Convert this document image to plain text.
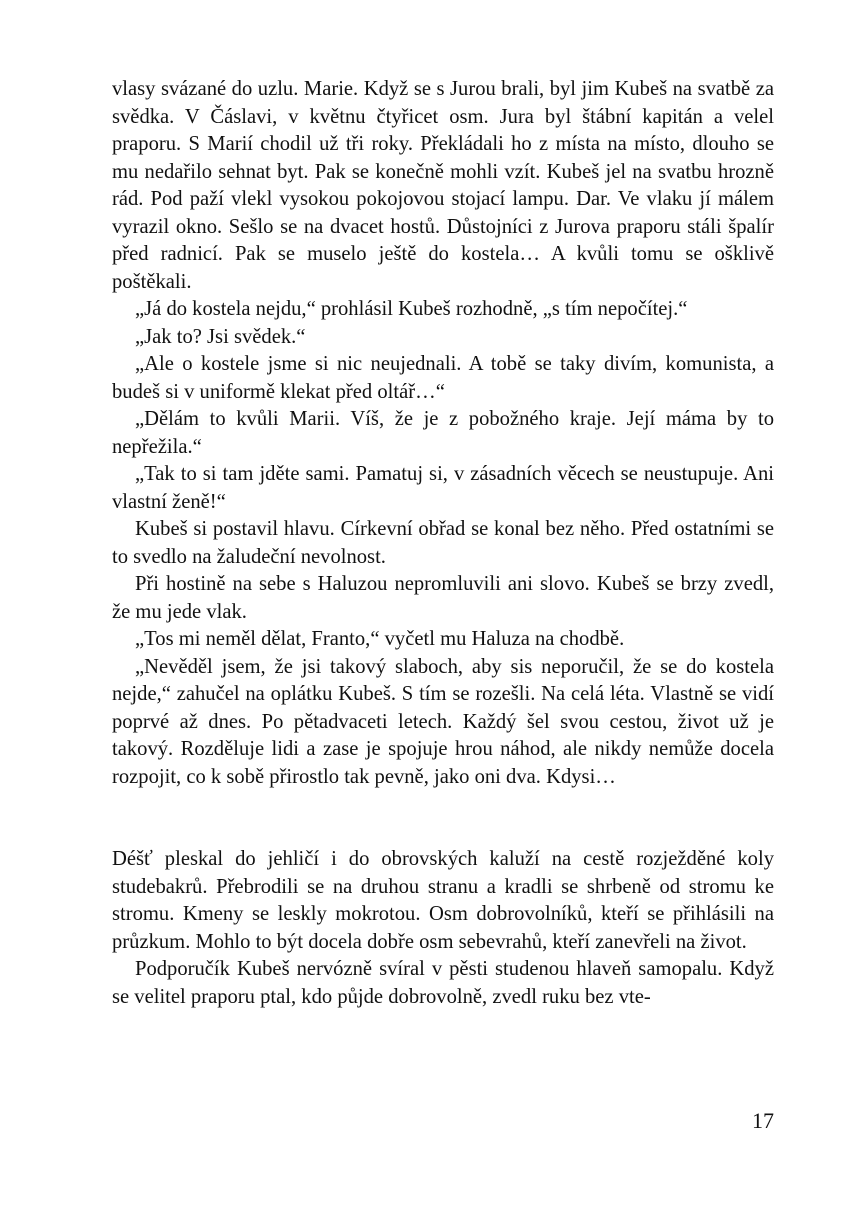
vlasy svázané do uzlu. Marie. Když se s Jurou brali, byl jim Kubeš na svatbě za svědka. V Čáslavi, v květnu čtyřicet osm. Jura byl štábní kapitán a velel praporu. S Marií chodil už tři roky. Překládali ho z místa na místo, dlouho se mu nedařilo sehnat byt. Pak se konečně mohli vzít. Kubeš jel na svatbu hrozně rád. Pod paží vlekl vysokou pokojovou stojací lampu. Dar. Ve vlaku jí málem vyrazil okno. Sešlo se na dvacet hostů. Důstojníci z Jurova praporu stáli špalír před radnicí. Pak se muselo ještě do kostela… A kvůli tomu se ošklivě poštěkali.

„Já do kostela nejdu,“ prohlásil Kubeš rozhodně, „s tím nepočítej.“

„Jak to? Jsi svědek.“

„Ale o kostele jsme si nic neujednali. A tobě se taky divím, komunista, a budeš si v uniformě klekat před oltář…“

„Dělám to kvůli Marii. Víš, že je z pobožného kraje. Její máma by to nepřežila.“

„Tak to si tam jděte sami. Pamatuj si, v zásadních věcech se neustupuje. Ani vlastní ženě!“

Kubeš si postavil hlavu. Církevní obřad se konal bez něho. Před ostatními se to svedlo na žaludeční nevolnost.

Při hostině na sebe s Haluzou nepromluvili ani slovo. Kubeš se brzy zvedl, že mu jede vlak.

„Tos mi neměl dělat, Franto,“ vyčetl mu Haluza na chodbě.

„Nevěděl jsem, že jsi takový slaboch, aby sis neporučil, že se do kostela nejde,“ zahučel na oplátku Kubeš. S tím se rozešli. Na celá léta. Vlastně se vidí poprvé až dnes. Po pětadvaceti letech. Každý šel svou cestou, život už je takový. Rozděluje lidi a zase je spojuje hrou náhod, ale nikdy nemůže docela rozpojit, co k sobě přirostlo tak pevně, jako oni dva. Kdysi…

Déšť pleskal do jehličí i do obrovských kaluží na cestě rozježděné koly studebakrů. Přebrodili se na druhou stranu a kradli se shrbeně od stromu ke stromu. Kmeny se leskly mokrotou. Osm dobrovolníků, kteří se přihlásili na průzkum. Mohlo to být docela dobře osm sebevrahů, kteří zanevřeli na život.

Podporučík Kubeš nervózně svíral v pěsti studenou hlaveň samopalu. Když se velitel praporu ptal, kdo půjde dobrovolně, zvedl ruku bez vte-

17
